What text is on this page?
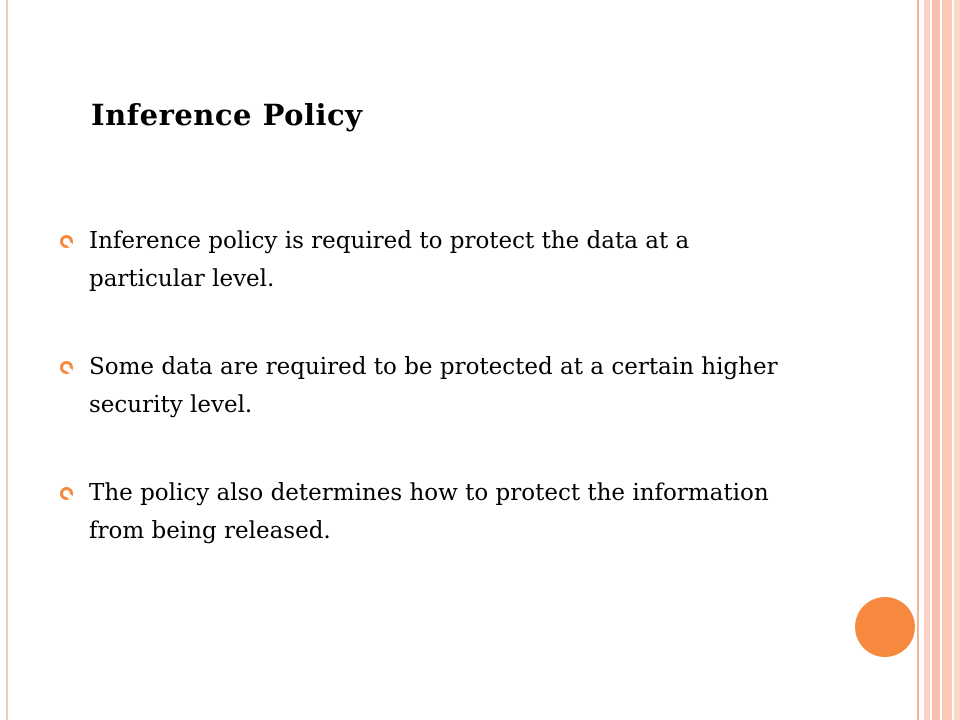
Inference Policy
Inference policy is required to protect the data at a particular level.
Some data are required to be protected at a certain higher security level.
The policy also determines how to protect the information from being released.
